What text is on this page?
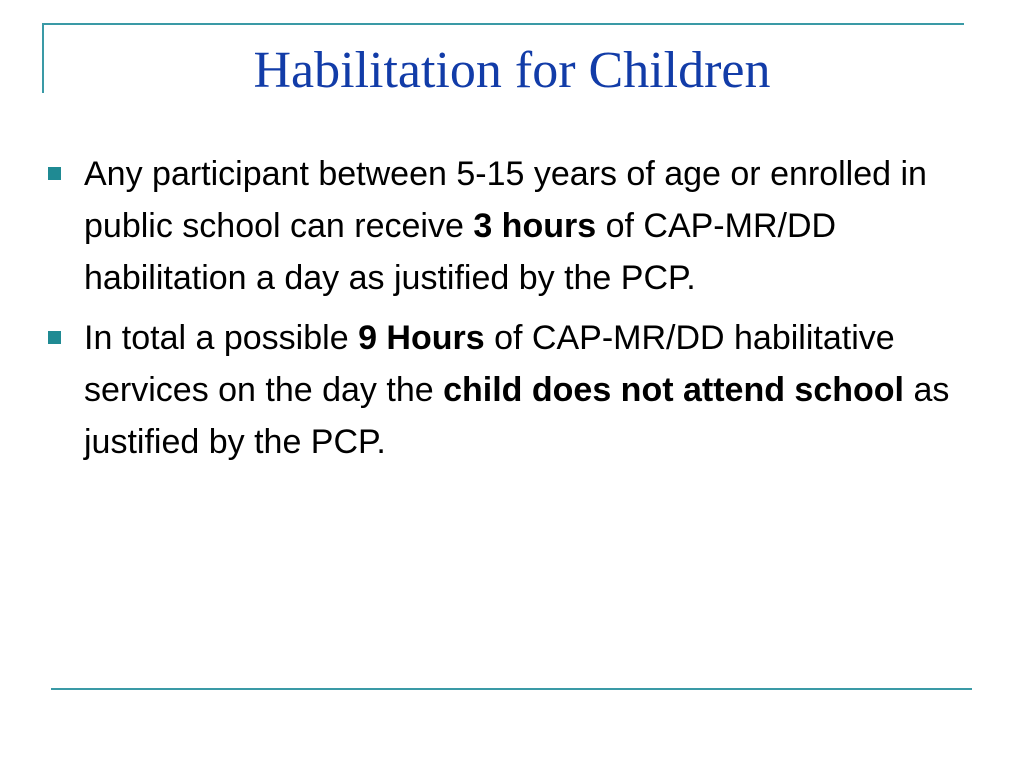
Habilitation for Children
Any participant between 5-15 years of age or enrolled in public school can receive 3 hours of CAP-MR/DD habilitation a day as justified by the PCP.
In total a possible 9 Hours of CAP-MR/DD habilitative services on the day the child does not attend school as justified by the PCP.
